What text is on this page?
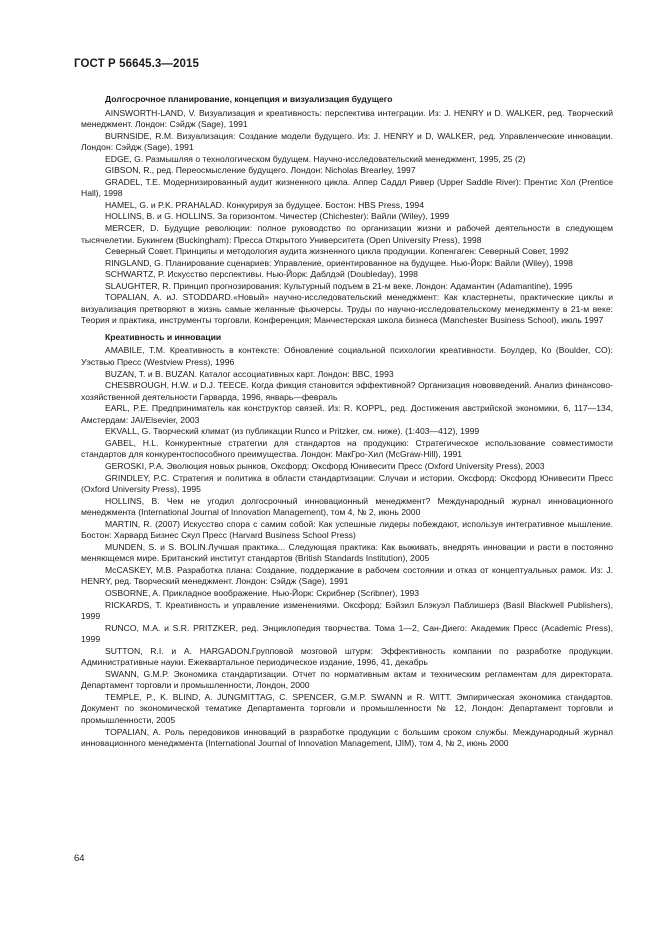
ГОСТ Р 56645.3—2015
Долгосрочное планирование, концепция и визуализация будущего

AINSWORTH-LAND, V. Визуализация и креативность: перспектива интеграции. Из: J. HENRY и D. WALKER, ред. Творческий менеджмент. Лондон: Сэйдж (Sage), 1991

BURNSIDE, R.M. Визуализация: Создание модели будущего. Из: J. HENRY и D, WALKER, ред. Управленческие инновации. Лондон: Сэйдж (Sage), 1991

EDGE, G. Размышляя о технологическом будущем. Научно-исследовательский менеджмент, 1995, 25 (2)

GIBSON, R., ред. Переосмысление будущего. Лондон: Nicholas Brearley, 1997

GRADEL, T.E. Модернизированный аудит жизненного цикла. Аппер Саддл Ривер (Upper Saddle River): Прентис Хол (Prentice Hall), 1998

HAMEL, G. и P.K. PRAHALAD. Конкурируя за будущее. Бостон: HBS Press, 1994

HOLLINS, B. и G. HOLLINS. За горизонтом. Чичестер (Chichester): Вайли (Wiley), 1999

MERCER, D. Будущие революции: полное руководство по организации жизни и рабочей деятельности в следующем тысячелетии. Букингем (Buckingham): Пресса Открытого Университета (Open University Press), 1998

Северный Совет. Принципы и методология аудита жизненного цикла продукции. Копенгаген: Северный Совет, 1992

RINGLAND, G. Планирование сценариев: Управление, ориентированное на будущее. Нью-Йорк: Вайли (Wiley), 1998

SCHWARTZ, P. Искусство перспективы. Нью-Йорк: Даблдэй (Doubleday), 1998

SLAUGHTER, R. Принцип прогнозирования: Культурный подъем в 21-м веке. Лондон: Адамантин (Adamantine), 1995

TOPALIAN, A. иJ. STODDARD.«Новый» научно-исследовательский менеджмент: Как кластернеты, практические циклы и визуализация претворяют в жизнь самые желанные фьючерсы. Труды по научно-исследовательскому менеджменту в 21-м веке: Теория и практика, инструменты торговли. Конференция; Манчестерская школа бизнеса (Manchester Business School), июль 1997

Креативность и инновации

AMABILE, T.M. Креативность в контексте: Обновление социальной психологии креативности. Боулдер, Ко (Boulder, CO): Уэствью Пресс (Westview Press), 1996

BUZAN, T. и B. BUZAN. Каталог ассоциативных карт. Лондон: BBC, 1993

CHESBROUGH, H.W. и D.J. TEECE. Когда фикция становится эффективной? Организация нововведений. Анализ финансово-хозяйственной деятельности Гарварда, 1996, январь—февраль

EARL, P.E. Предприниматель как конструктор связей. Из: R. KOPPL, ред. Достижения австрийской экономики, 6, 117—134, Амстердам: JAI/Elsevier, 2003

EKVALL, G. Творческий климат (из публикации Runco и Pritzker, см. ниже). (1:403—412), 1999

GABEL, H.L. Конкурентные стратегии для стандартов на продукцию: Стратегическое использование совместимости стандартов для конкурентоспособного преимущества. Лондон: МакГро-Хил (McGraw-Hill), 1991

GEROSKI, P.A. Эволюция новых рынков, Оксфорд: Оксфорд Юнивесити Пресс (Oxford University Press), 2003

GRINDLEY, P.C. Стратегия и политика в области стандартизации: Случаи и истории. Оксфорд: Оксфорд Юнивесити Пресс (Oxford University Press), 1995

HOLLINS, B. Чем не угодил долгосрочный инновационный менеджмент? Международный журнал инновационного менеджмента (International Journal of Innovation Management), том 4, № 2, июнь 2000

MARTIN, R. (2007) Искусство спора с самим собой: Как успешные лидеры побеждают, используя интегративное мышление. Бостон: Харвард Бизнес Скул Пресс (Harvard Business School Press)

MUNDEN, S. и S. BOLIN.Лучшая практика... Следующая практика: Как выживать, внедрять инновации и расти в постоянно меняющемся мире. Британский институт стандартов (British Standards Institution), 2005

McCASKEY, M.B. Разработка плана: Создание, поддержание в рабочем состоянии и отказ от концептуальных рамок. Из: J. HENRY, ред. Творческий менеджмент. Лондон: Сэйдж (Sage), 1991

OSBORNE, A. Прикладное воображение. Нью-Йорк: Скрибнер (Scribner), 1993

RICKARDS, T. Креативность и управление изменениями. Оксфорд: Бэйзил Блэкуэл Паблишерз (Basil Blackwell Publishers), 1999

RUNCO, M.A. и S.R. PRITZKER, ред. Энциклопедия творчества. Тома 1—2, Сан-Диего: Академик Пресс (Academic Press), 1999

SUTTON, R.I. и A. HARGADON.Групповой мозговой штурм: Эффективность компании по разработке продукции. Административные науки. Ежеквартальное периодическое издание, 1996, 41, декабрь

SWANN, G.M.P. Экономика стандартизации. Отчет по нормативным актам и техническим регламентам для директората. Департамент торговли и промышленности, Лондон, 2000

TEMPLE, P., K. BLIND, A. JUNGMITTAG, C. SPENCER, G.M.P. SWANN и R. WITT. Эмпирическая экономика стандартов. Документ по экономической тематике Департамента торговли и промышленности № 12, Лондон: Департамент торговли и промышленности, 2005

TOPALIAN, A. Роль передовиков инноваций в разработке продукции с большим сроком службы. Международный журнал инновационного менеджмента (International Journal of Innovation Management, IJIM), том 4, № 2, июнь 2000

64
